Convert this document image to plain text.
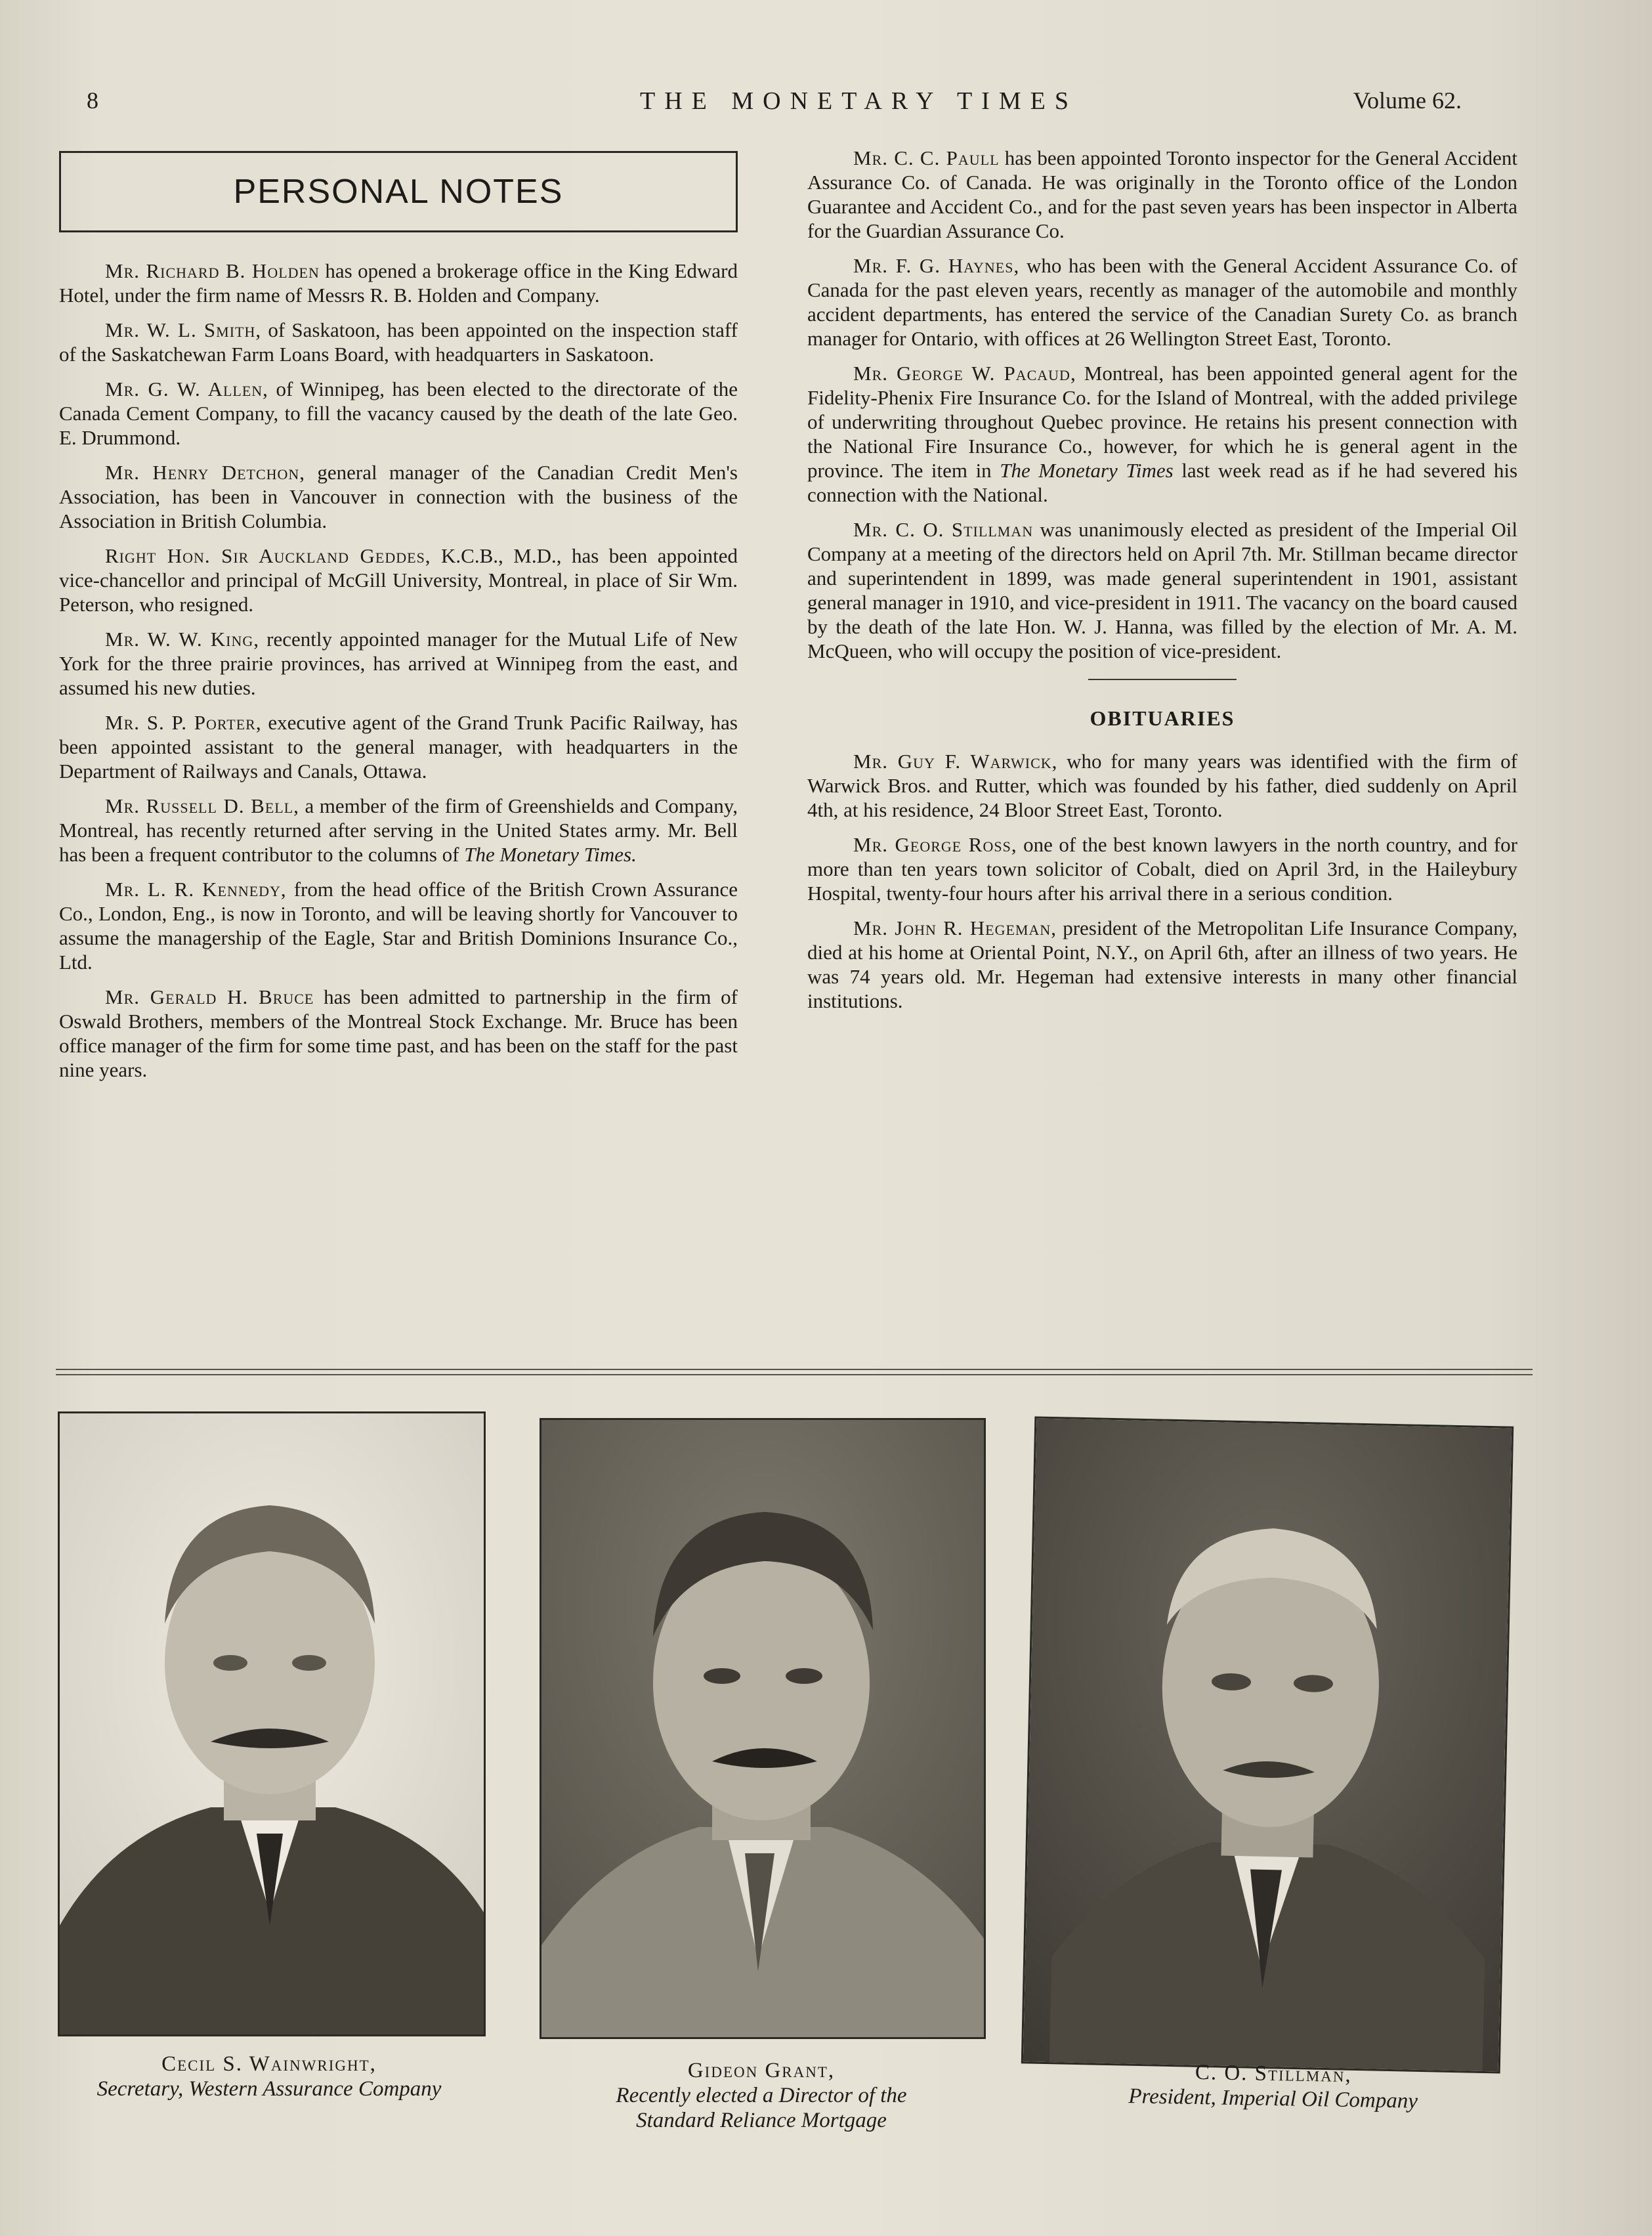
8	THE MONETARY TIMES	Volume 62.
PERSONAL NOTES

Mr. Richard B. Holden has opened a brokerage office in the King Edward Hotel, under the firm name of Messrs R. B. Holden and Company.

Mr. W. L. Smith, of Saskatoon, has been appointed on the inspection staff of the Saskatchewan Farm Loans Board, with headquarters in Saskatoon.

Mr. G. W. Allen, of Winnipeg, has been elected to the directorate of the Canada Cement Company, to fill the vacancy caused by the death of the late Geo. E. Drummond.

Mr. Henry Detchon, general manager of the Canadian Credit Men's Association, has been in Vancouver in connection with the business of the Association in British Columbia.

Right Hon. Sir Auckland Geddes, K.C.B., M.D., has been appointed vice-chancellor and principal of McGill University, Montreal, in place of Sir Wm. Peterson, who resigned.

Mr. W. W. King, recently appointed manager for the Mutual Life of New York for the three prairie provinces, has arrived at Winnipeg from the east, and assumed his new duties.

Mr. S. P. Porter, executive agent of the Grand Trunk Pacific Railway, has been appointed assistant to the general manager, with headquarters in the Department of Railways and Canals, Ottawa.

Mr. Russell D. Bell, a member of the firm of Greenshields and Company, Montreal, has recently returned after serving in the United States army. Mr. Bell has been a frequent contributor to the columns of The Monetary Times.

Mr. L. R. Kennedy, from the head office of the British Crown Assurance Co., London, Eng., is now in Toronto, and will be leaving shortly for Vancouver to assume the managership of the Eagle, Star and British Dominions Insurance Co., Ltd.

Mr. Gerald H. Bruce has been admitted to partnership in the firm of Oswald Brothers, members of the Montreal Stock Exchange. Mr. Bruce has been office manager of the firm for some time past, and has been on the staff for the past nine years.

Mr. C. C. Paull has been appointed Toronto inspector for the General Accident Assurance Co. of Canada. He was originally in the Toronto office of the London Guarantee and Accident Co., and for the past seven years has been inspector in Alberta for the Guardian Assurance Co.

Mr. F. G. Haynes, who has been with the General Accident Assurance Co. of Canada for the past eleven years, recently as manager of the automobile and monthly accident departments, has entered the service of the Canadian Surety Co. as branch manager for Ontario, with offices at 26 Wellington Street East, Toronto.

Mr. George W. Pacaud, Montreal, has been appointed general agent for the Fidelity-Phenix Fire Insurance Co. for the Island of Montreal, with the added privilege of underwriting throughout Quebec province. He retains his present connection with the National Fire Insurance Co., however, for which he is general agent in the province. The item in The Monetary Times last week read as if he had severed his connection with the National.

Mr. C. O. Stillman was unanimously elected as president of the Imperial Oil Company at a meeting of the directors held on April 7th. Mr. Stillman became director and superintendent in 1899, was made general superintendent in 1901, assistant general manager in 1910, and vice-president in 1911. The vacancy on the board caused by the death of the late Hon. W. J. Hanna, was filled by the election of Mr. A. M. McQueen, who will occupy the position of vice-president.

OBITUARIES

Mr. Guy F. Warwick, who for many years was identified with the firm of Warwick Bros. and Rutter, which was founded by his father, died suddenly on April 4th, at his residence, 24 Bloor Street East, Toronto.

Mr. George Ross, one of the best known lawyers in the north country, and for more than ten years town solicitor of Cobalt, died on April 3rd, in the Haileybury Hospital, twenty-four hours after his arrival there in a serious condition.

Mr. John R. Hegeman, president of the Metropolitan Life Insurance Company, died at his home at Oriental Point, N.Y., on April 6th, after an illness of two years. He was 74 years old. Mr. Hegeman had extensive interests in many other financial institutions.

Cecil S. Wainwright,
Secretary, Western Assurance Company
Gideon Grant,
Recently elected a Director of the
Standard Reliance Mortgage
C. O. Stillman,
President, Imperial Oil Company
